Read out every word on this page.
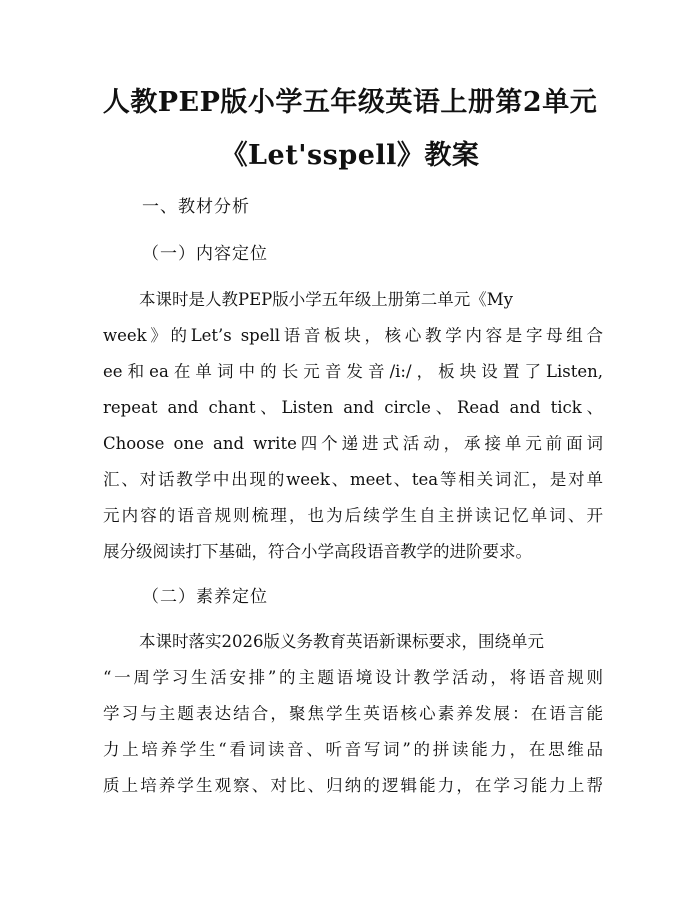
人教PEP版小学五年级英语上册第2单元
《Let'sspell》教案
一、教材分析
（一）内容定位
本课时是人教PEP版小学五年级上册第二单元《My
week》的Let’s spell语音板块，核心教学内容是字母组合
ee和ea在单词中的长元音发音/i:/，板块设置了Listen,
repeat and chant、Listen and circle、Read and tick、
Choose one and write四个递进式活动，承接单元前面词
汇、对话教学中出现的week、meet、tea等相关词汇，是对单
元内容的语音规则梳理，也为后续学生自主拼读记忆单词、开
展分级阅读打下基础，符合小学高段语音教学的进阶要求。
（二）素养定位
本课时落实2026版义务教育英语新课标要求，围绕单元
“一周学习生活安排”的主题语境设计教学活动，将语音规则
学习与主题表达结合，聚焦学生英语核心素养发展：在语言能
力上培养学生“看词读音、听音写词”的拼读能力，在思维品
质上培养学生观察、对比、归纳的逻辑能力，在学习能力上帮
